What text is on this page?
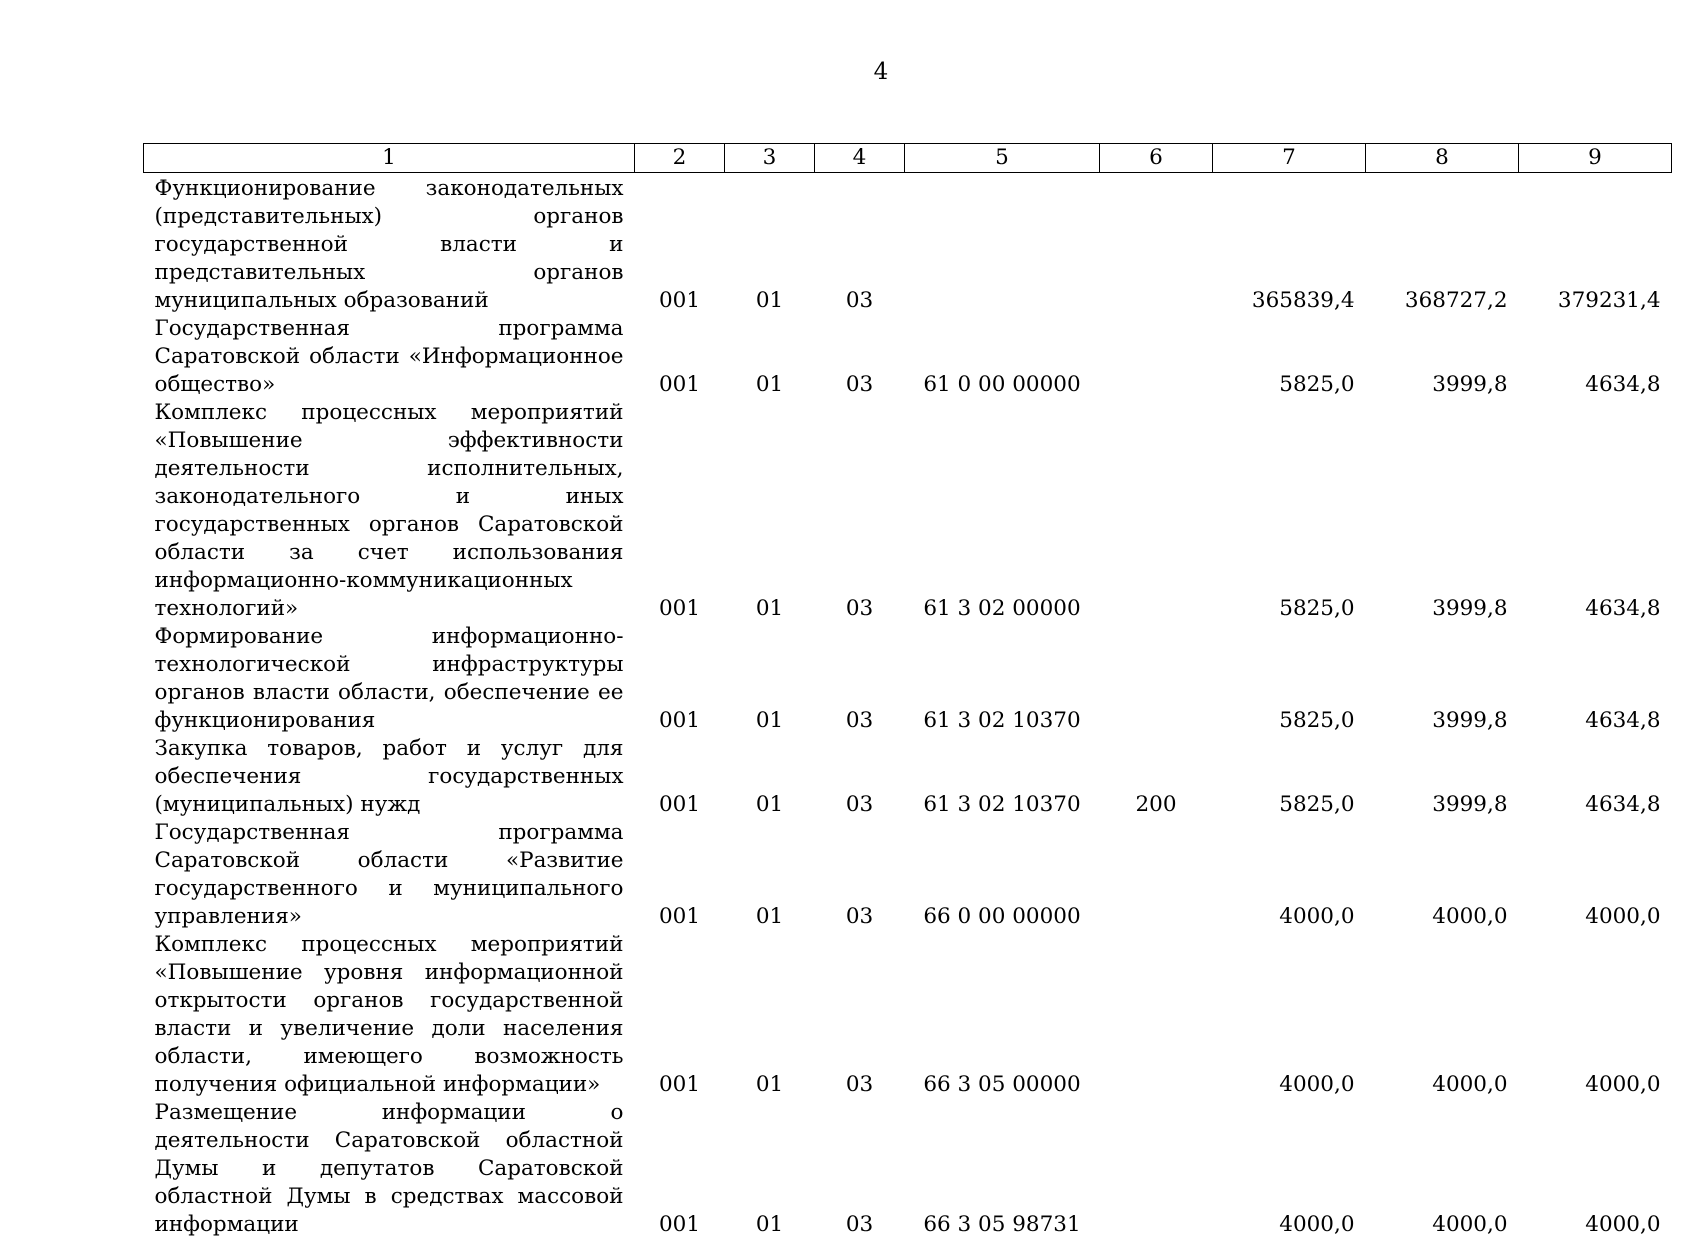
4
1	2	3	4	5	6	7	8	9
Функционирование законодательных (представительных) органов государственной власти и представительных органов муниципальных образований	001	01	03			365839,4	368727,2	379231,4
Государственная программа Саратовской области «Информационное общество»	001	01	03	61 0 00 00000		5825,0	3999,8	4634,8
Комплекс процессных мероприятий «Повышение эффективности деятельности исполнительных, законодательного и иных государственных органов Саратовской области за счет использования информационно-коммуникационных технологий»	001	01	03	61 3 02 00000		5825,0	3999,8	4634,8
Формирование информационно-технологической инфраструктуры органов власти области, обеспечение ее функционирования	001	01	03	61 3 02 10370		5825,0	3999,8	4634,8
Закупка товаров, работ и услуг для обеспечения государственных (муниципальных) нужд	001	01	03	61 3 02 10370	200	5825,0	3999,8	4634,8
Государственная программа Саратовской области «Развитие государственного и муниципального управления»	001	01	03	66 0 00 00000		4000,0	4000,0	4000,0
Комплекс процессных мероприятий «Повышение уровня информационной открытости органов государственной власти и увеличение доли населения области, имеющего возможность получения официальной информации»	001	01	03	66 3 05 00000		4000,0	4000,0	4000,0
Размещение информации о деятельности Саратовской областной Думы и депутатов Саратовской областной Думы в средствах массовой информации	001	01	03	66 3 05 98731		4000,0	4000,0	4000,0
